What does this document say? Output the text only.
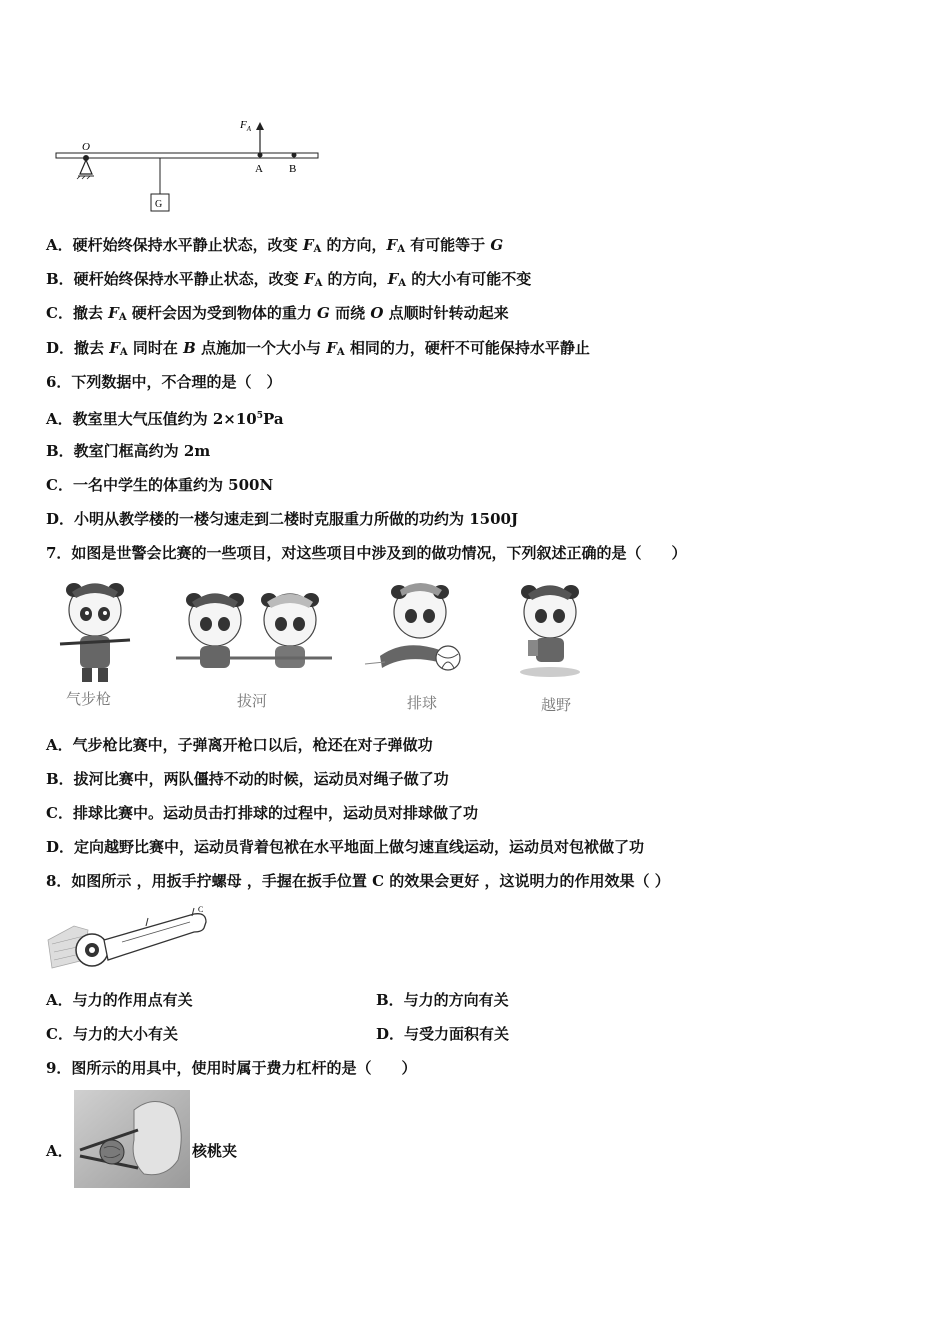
O
G
$F_A$
A B
A．硬杆始终保持水平静止状态，改变 $F_A$ 的方向，$F_A$ 有可能等于 G
B．硬杆始终保持水平静止状态，改变 $F_A$ 的方向，$F_A$ 的大小有可能不变
C．撤去 $F_A$ 硬杆会因为受到物体的重力 G 而绕 O 点顺时针转动起来
D．撤去 $F_A$ 同时在 B 点施加一个大小与 $F_A$ 相同的力，硬杆不可能保持水平静止
6．下列数据中，不合理的是（　）
A．教室里大气压值约为 $2\times 10^5Pa$
B．教室门框高约为 2m
C．一名中学生的体重约为 500N
D．小明从教学楼的一楼匀速走到二楼时克服重力所做的功约为 1500J
7．如图是世警会比赛的一些项目，对这些项目中涉及到的做功情况，下列叙述正确的是（　　）
气步枪	拔河	排球	越野
A．气步枪比赛中，子弹离开枪口以后，枪还在对子弹做功
B．拔河比赛中，两队僵持不动的时候，运动员对绳子做了功
C．排球比赛中。运动员击打排球的过程中，运动员对排球做了功
D．定向越野比赛中，运动员背着包袱在水平地面上做匀速直线运动，运动员对包袱做了功
8．如图所示 ，用扳手拧螺母 ，手握在扳手位置 C 的效果会更好 ，这说明力的作用效果（ ）
C
A．与力的作用点有关	B．与力的方向有关
C．与力的大小有关	D．与受力面积有关
9．图所示的用具中，使用时属于费力杠杆的是（　　）
A．	核桃夹
